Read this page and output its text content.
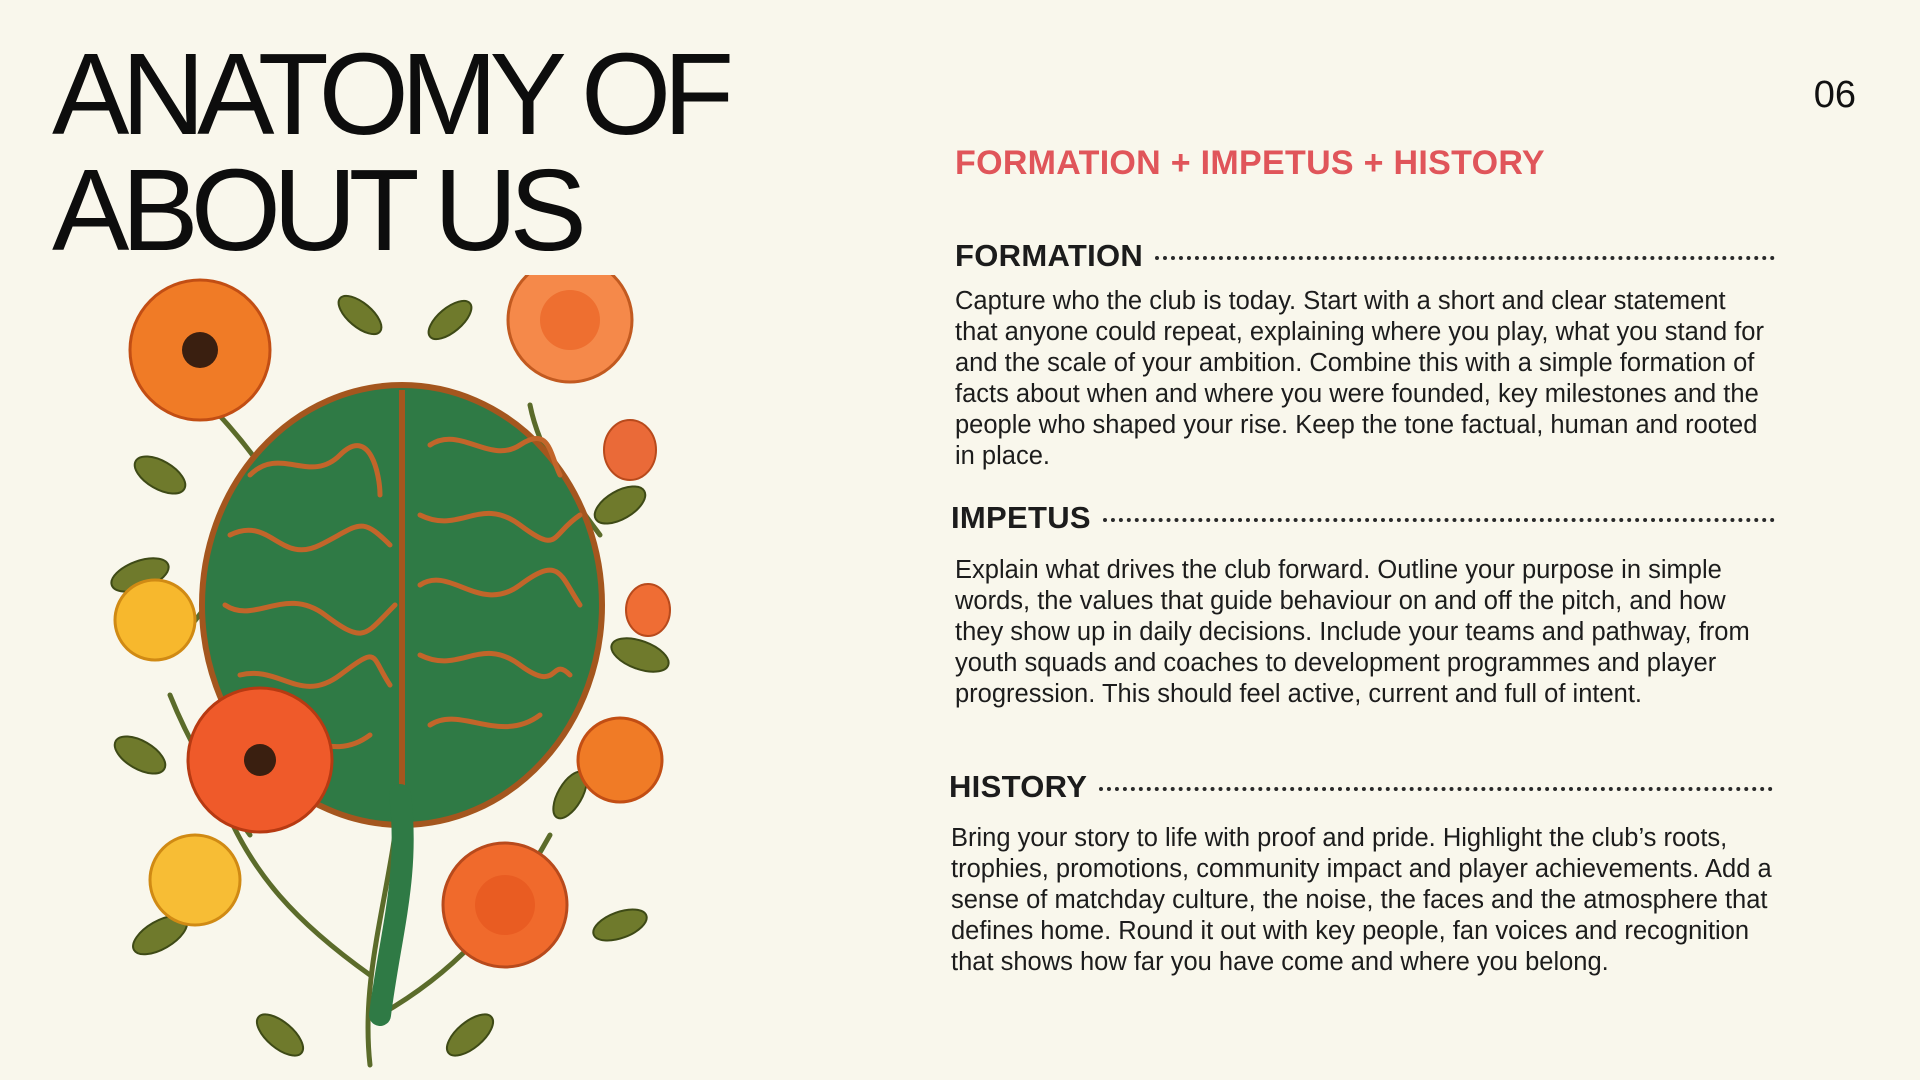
ANATOMY OF
ABOUT US
06
FORMATION + IMPETUS + HISTORY
FORMATION

Capture who the club is today. Start with a short and clear statement that anyone could repeat, explaining where you play, what you stand for and the scale of your ambition. Combine this with a simple formation of facts about when and where you were founded, key milestones and the people who shaped your rise. Keep the tone factual, human and rooted in place.

IMPETUS

Explain what drives the club forward. Outline your purpose in simple words, the values that guide behaviour on and off the pitch, and how they show up in daily decisions. Include your teams and pathway, from youth squads and coaches to development programmes and player progression. This should feel active, current and full of intent.

HISTORY

Bring your story to life with proof and pride. Highlight the club’s roots, trophies, promotions, community impact and player achievements. Add a sense of matchday culture, the noise, the faces and the atmosphere that defines home. Round it out with key people, fan voices and recognition that shows how far you have come and where you belong.
